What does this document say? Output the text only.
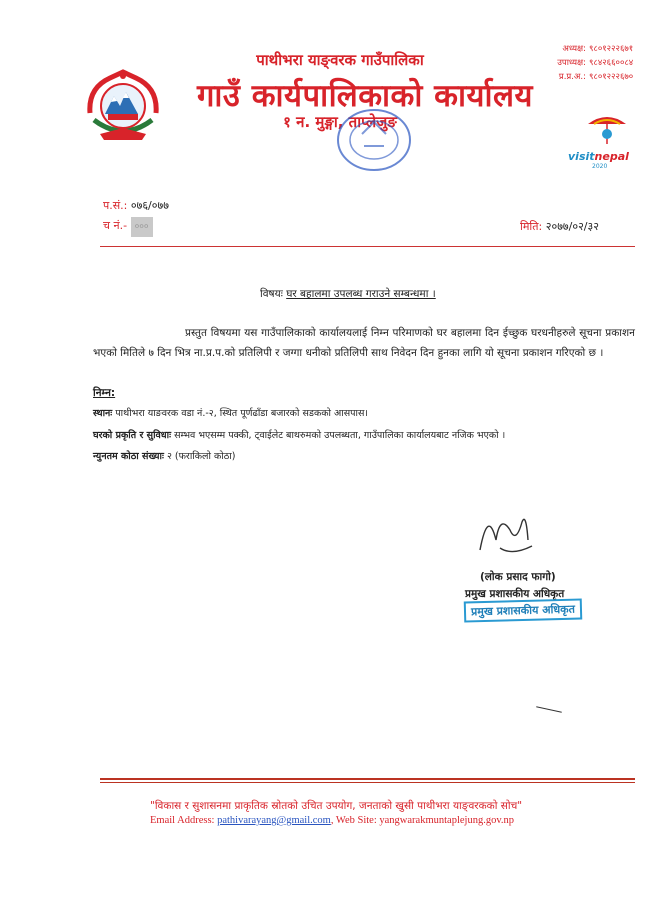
पाथीभरा याङ्वरक गाउँपालिका
गाउँ कार्यपालिकाको कार्यालय
१ न. मुङ्गा, ताप्लेजुङ
अध्यक्ष: ९८०१२२२६७१
उपाध्यक्ष: ९८४२६६००८४
प्र.प्र.अ.: ९८०१२२२६७०
visitnepal
2020
प.सं.: ०७६/०७७
च नं.- ०००	मिति: २०७७/०२/३२
विषयः घर बहालमा उपलब्ध गराउने सम्बन्धमा ।
प्रस्तुत विषयमा यस गाउँपालिकाको कार्यालयलाई निम्न परिमाणको घर बहालमा दिन ईच्छुक घरधनीहरुले सूचना प्रकाशन भएको मितिले ७ दिन भित्र ना.प्र.प.को प्रतिलिपी र जग्गा धनीको प्रतिलिपी साथ निवेदन दिन हुनका लागि यो सूचना प्रकाशन गरिएको छ ।
निम्न:
स्थानः पाथीभरा याङवरक वडा नं.-२, स्थित पूर्णढाँडा बजारको सडकको आसपास।
घरको प्रकृति र सुविधाः सम्भव भएसम्म पक्की, ट्वाईलेट बाथरुमको उपलब्धता, गाउँपालिका कार्यालयबाट नजिक भएको ।
न्युनतम कोठा संख्याः २ (फराकिलो कोठा)
(लोक प्रसाद फागो)
प्रमुख प्रशासकीय अधिकृत
प्रमुख प्रशासकीय अधिकृत
"विकास र सुशासनमा प्राकृतिक स्रोतको उचित उपयोग, जनताको खुसी पाथीभरा याङ्वरकको सोच"
Email Address: pathivarayang@gmail.com, Web Site: yangwarakmuntaplejung.gov.np
